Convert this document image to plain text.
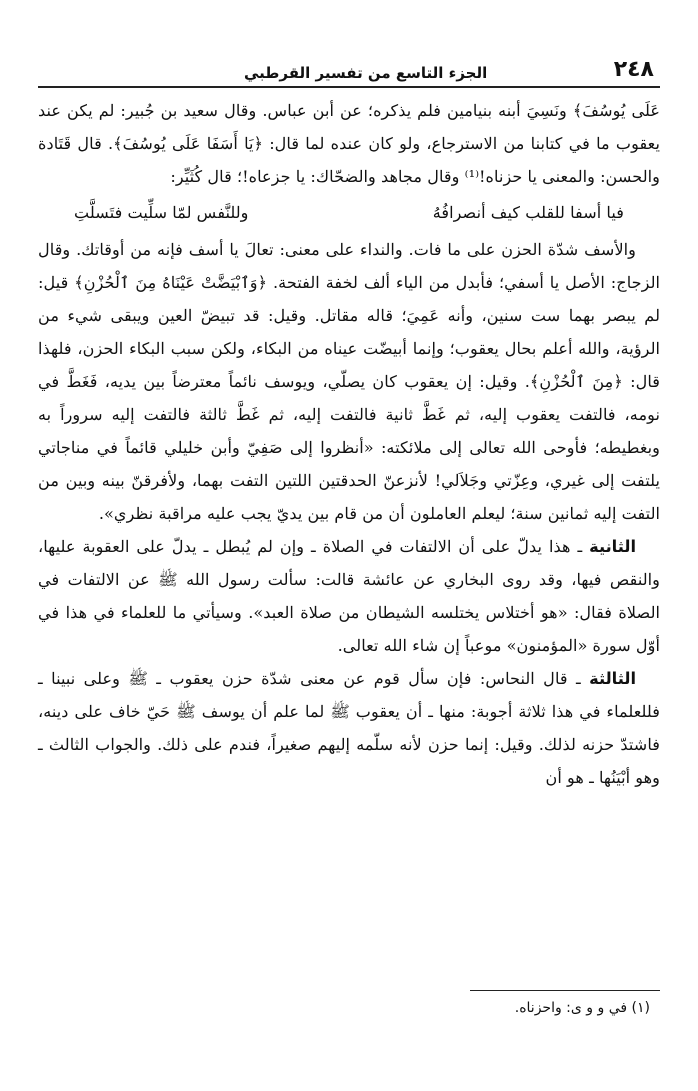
٢٤٨
الجزء التاسع من تفسير القرطبي

عَلَى يُوسُفَ﴾ ونَسِيَ أبنه بنيامين فلم يذكره؛ عن أبن عباس. وقال سعيد بن جُبير: لم يكن عند يعقوب ما في كتابنا من الاسترجاع، ولو كان عنده لما قال: ﴿يَا أَسَفَا عَلَى يُوسُفَ﴾. قال قَتَادة والحسن: والمعنى يا حزناه!⁽¹⁾ وقال مجاهد والضحّاك: يا جزعاه!؛ قال كُثَيِّر:

فيا أسفا للقلب كيف أنصرافُهُ
وللنَّفس لمّا سلِّيت فتَسلَّتِ

والأسف شدّة الحزن على ما فات. والنداء على معنى: تعالَ يا أسف فإنه من أوقاتك. وقال الزجاج: الأصل يا أسفي؛ فأبدل من الياء ألف لخفة الفتحة. ﴿وَٱبْيَضَّتْ عَيْنَاهُ مِنَ ٱلْحُزْنِ﴾ قيل: لم يبصر بهما ست سنين، وأنه عَمِيَ؛ قاله مقاتل. وقيل: قد تبيضّ العين ويبقى شيء من الرؤية، والله أعلم بحال يعقوب؛ وإنما أبيضّت عيناه من البكاء، ولكن سبب البكاء الحزن، فلهذا قال: ﴿مِنَ ٱلْحُزْنِ﴾. وقيل: إن يعقوب كان يصلّي، ويوسف نائماً معترضاً بين يديه، فَغَطَّ في نومه، فالتفت يعقوب إليه، ثم غَطَّ ثانية فالتفت إليه، ثم غَطَّ ثالثة فالتفت إليه سروراً به وبغطيطه؛ فأوحى الله تعالى إلى ملائكته: «أنظروا إلى صَفِيّ وأبن خليلي قائماً في مناجاتي يلتفت إلى غيري، وعِزّتي وجَلاَلي! لأنزعنّ الحدقتين اللتين التفت بهما، ولأفرقنّ بينه وبين من التفت إليه ثمانين سنة؛ ليعلم العاملون أن من قام بين يديّ يجب عليه مراقبة نظري».

الثانية ـ هذا يدلّ على أن الالتفات في الصلاة ـ وإن لم يُبطل ـ يدلّ على العقوبة عليها، والنقص فيها، وقد روى البخاري عن عائشة قالت: سألت رسول الله ﷺ عن الالتفات في الصلاة فقال: «هو أختلاس يختلسه الشيطان من صلاة العبد». وسيأتي ما للعلماء في هذا في أوّل سورة «المؤمنون» موعباً إن شاء الله تعالى.

الثالثة ـ قال النحاس: فإن سأل قوم عن معنى شدّة حزن يعقوب ـ ﷺ وعلى نبينا ـ فللعلماء في هذا ثلاثة أجوبة: منها ـ أن يعقوب ﷺ لما علم أن يوسف ﷺ حَيّ خاف على دينه، فاشتدّ حزنه لذلك. وقيل: إنما حزن لأنه سلّمه إليهم صغيراً، فندم على ذلك. والجواب الثالث ـ وهو أبْيَنُها ـ هو أن

(١) في و و ى: واحزناه.
